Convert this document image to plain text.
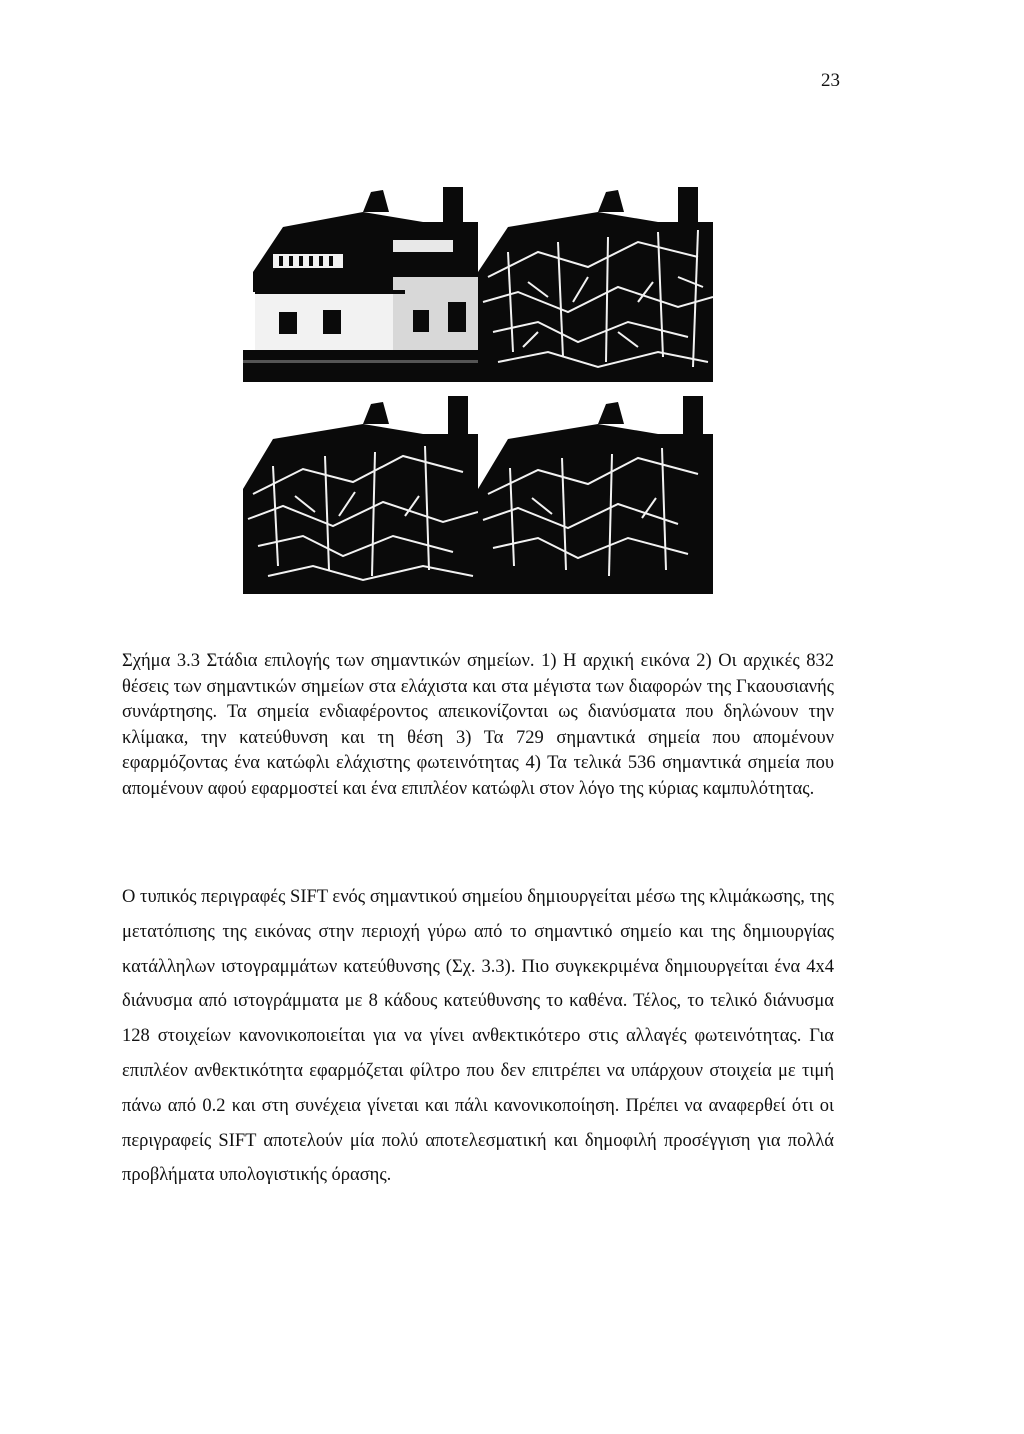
23

Σχήμα 3.3 Στάδια επιλογής των σημαντικών σημείων. 1) Η αρχική εικόνα 2) Οι αρχικές 832 θέσεις των σημαντικών σημείων στα ελάχιστα και στα μέγιστα των διαφορών της Γκαουσιανής συνάρτησης. Τα σημεία ενδιαφέροντος απεικονίζονται ως διανύσματα που δηλώνουν την κλίμακα, την κατεύθυνση και τη θέση 3) Τα 729 σημαντικά σημεία που απομένουν εφαρμόζοντας ένα κατώφλι ελάχιστης φωτεινότητας 4) Τα τελικά 536 σημαντικά σημεία που απομένουν αφού εφαρμοστεί και ένα επιπλέον κατώφλι στον λόγο της κύριας καμπυλότητας.

Ο τυπικός περιγραφές SIFT ενός σημαντικού σημείου δημιουργείται μέσω της κλιμάκωσης, της μετατόπισης της εικόνας στην περιοχή γύρω από το σημαντικό σημείο και της δημιουργίας κατάλληλων ιστογραμμάτων κατεύθυνσης (Σχ. 3.3). Πιο συγκεκριμένα δημιουργείται ένα 4x4 διάνυσμα από ιστογράμματα με 8 κάδους κατεύθυνσης το καθένα. Τέλος, το τελικό διάνυσμα 128 στοιχείων κανονικοποιείται για να γίνει ανθεκτικότερο στις αλλαγές φωτεινότητας. Για επιπλέον ανθεκτικότητα εφαρμόζεται φίλτρο που δεν επιτρέπει να υπάρχουν στοιχεία με τιμή πάνω από 0.2 και στη συνέχεια γίνεται και πάλι κανονικοποίηση. Πρέπει να αναφερθεί ότι οι περιγραφείς SIFT αποτελούν μία πολύ αποτελεσματική και δημοφιλή προσέγγιση για πολλά προβλήματα υπολογιστικής όρασης.
